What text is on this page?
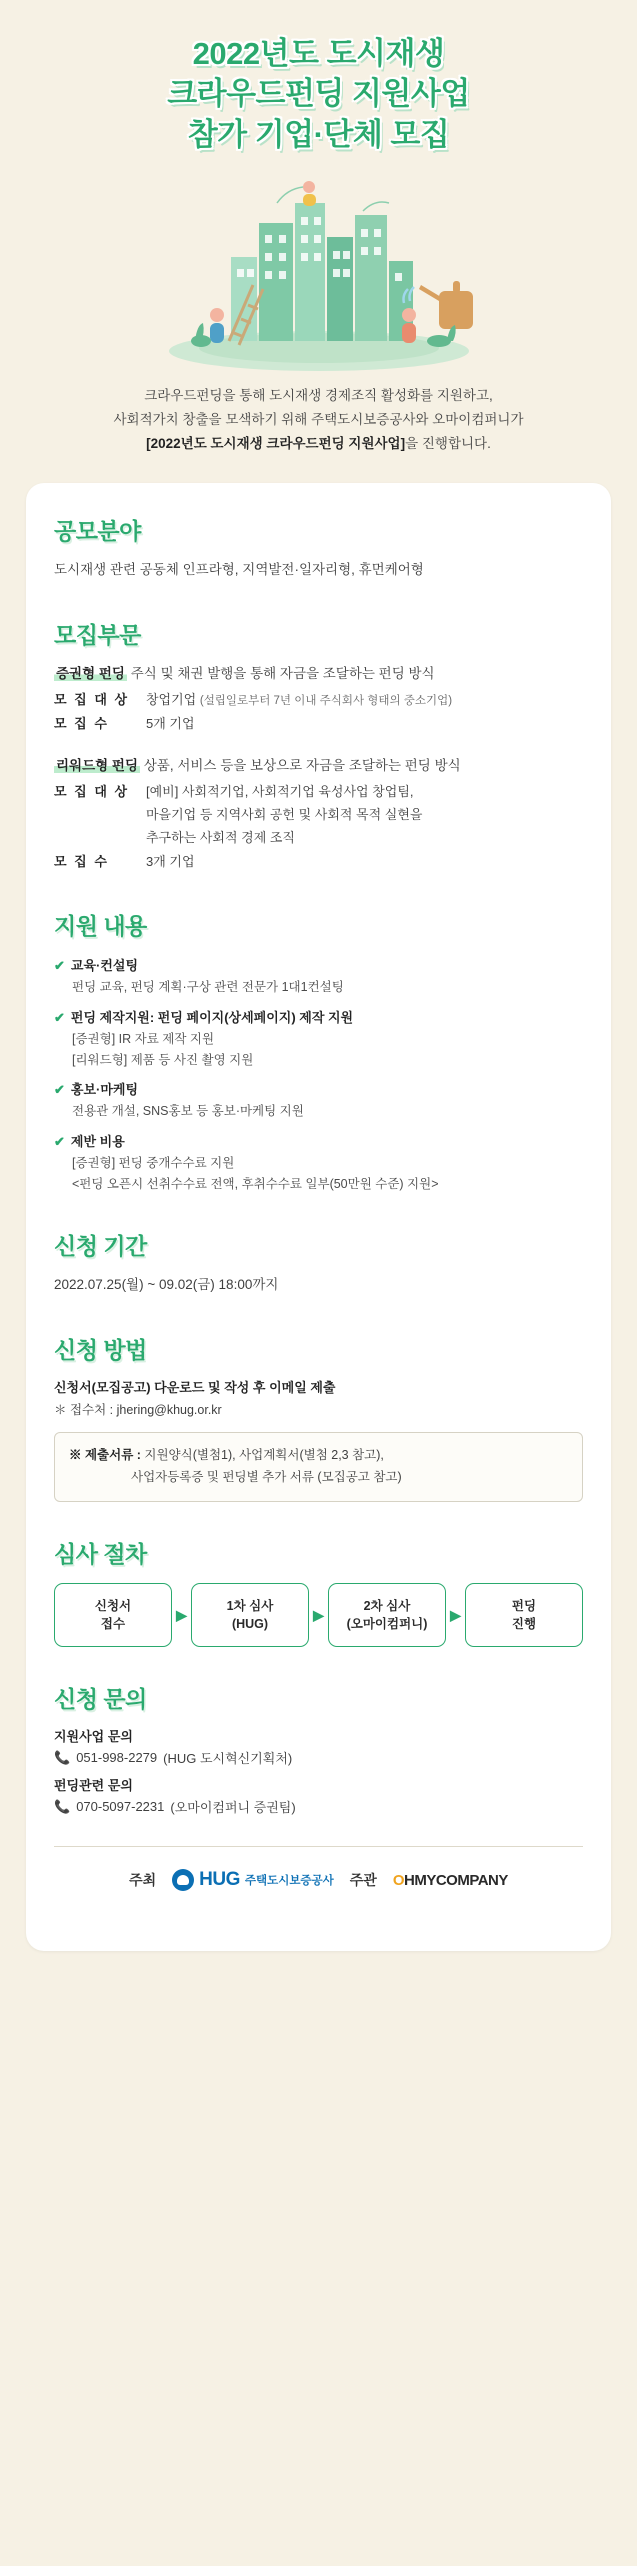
2022년도 도시재생
크라우드펀딩 지원사업
참가 기업·단체 모집
크라우드펀딩을 통해 도시재생 경제조직 활성화를 지원하고,
사회적가치 창출을 모색하기 위해 주택도시보증공사와 오마이컴퍼니가
[2022년도 도시재생 크라우드펀딩 지원사업]을 진행합니다.
공모분야
도시재생 관련 공동체 인프라형, 지역발전·일자리형, 휴먼케어형
모집부문
증권형 펀딩 주식 및 채권 발행을 통해 자금을 조달하는 펀딩 방식
모 집 대 상	창업기업 (설립일로부터 7년 이내 주식회사 형태의 중소기업)
모 집 수	5개 기업
리워드형 펀딩 상품, 서비스 등을 보상으로 자금을 조달하는 펀딩 방식
모 집 대 상	[예비] 사회적기업, 사회적기업 육성사업 창업팀,
마을기업 등 지역사회 공헌 및 사회적 목적 실현을
추구하는 사회적 경제 조직
모 집 수	3개 기업
지원 내용
✔ 교육·컨설팅
펀딩 교육, 펀딩 계획·구상 관련 전문가 1대1컨설팅
✔ 펀딩 제작지원: 펀딩 페이지(상세페이지) 제작 지원
[증권형] IR 자료 제작 지원
[리워드형] 제품 등 사진 촬영 지원
✔ 홍보·마케팅
전용관 개설, SNS홍보 등 홍보·마케팅 지원
✔ 제반 비용
[증권형] 펀딩 중개수수료 지원
<펀딩 오픈시 선취수수료 전액, 후취수수료 일부(50만원 수준) 지원>
신청 기간
2022.07.25(월) ~ 09.02(금) 18:00까지
신청 방법
신청서(모집공고) 다운로드 및 작성 후 이메일 제출
＊ 접수처 : jhering@khug.or.kr
※ 제출서류 : 지원양식(별첨1), 사업계획서(별첨 2,3 참고),
사업자등록증 및 펀딩별 추가 서류 (모집공고 참고)
심사 절차
신청서
접수
▶
1차 심사
(HUG)
▶
2차 심사
(오마이컴퍼니)
▶
펀딩
진행
신청 문의
지원사업 문의
📞 051-998-2279 (HUG 도시혁신기획처)
펀딩관련 문의
📞 070-5097-2231 (오마이컴퍼니 증권팀)
주최 HUG 주택도시보증공사 주관 OHMYCOMPANY
